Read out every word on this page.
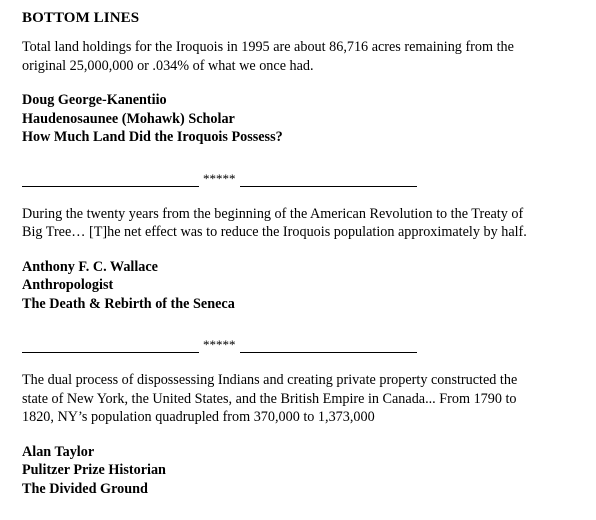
BOTTOM LINES

Total land holdings for the Iroquois in 1995 are about 86,716 acres remaining from the
original 25,000,000 or .034% of what we once had.

Doug George-Kanentiio
Haudenosaunee (Mohawk) Scholar
How Much Land Did the Iroquois Possess?
*****

During the twenty years from the beginning of the American Revolution to the Treaty of
Big Tree… [T]he net effect was to reduce the Iroquois population approximately by half.

Anthony F. C. Wallace
Anthropologist
The Death & Rebirth of the Seneca
*****

The dual process of dispossessing Indians and creating private property constructed the
state of New York, the United States, and the British Empire in Canada... From 1790 to
1820, NY’s population quadrupled from 370,000 to 1,373,000

Alan Taylor
Pulitzer Prize Historian
The Divided Ground
